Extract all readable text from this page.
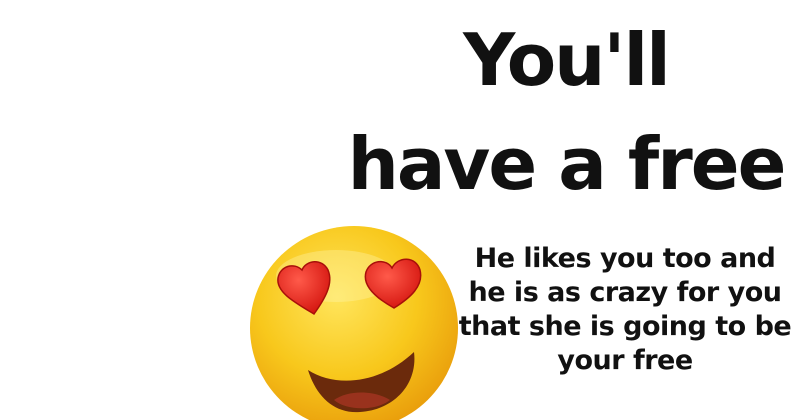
You'll
have a free
He likes you too and
he is as crazy for you
that she is going to be
your free
